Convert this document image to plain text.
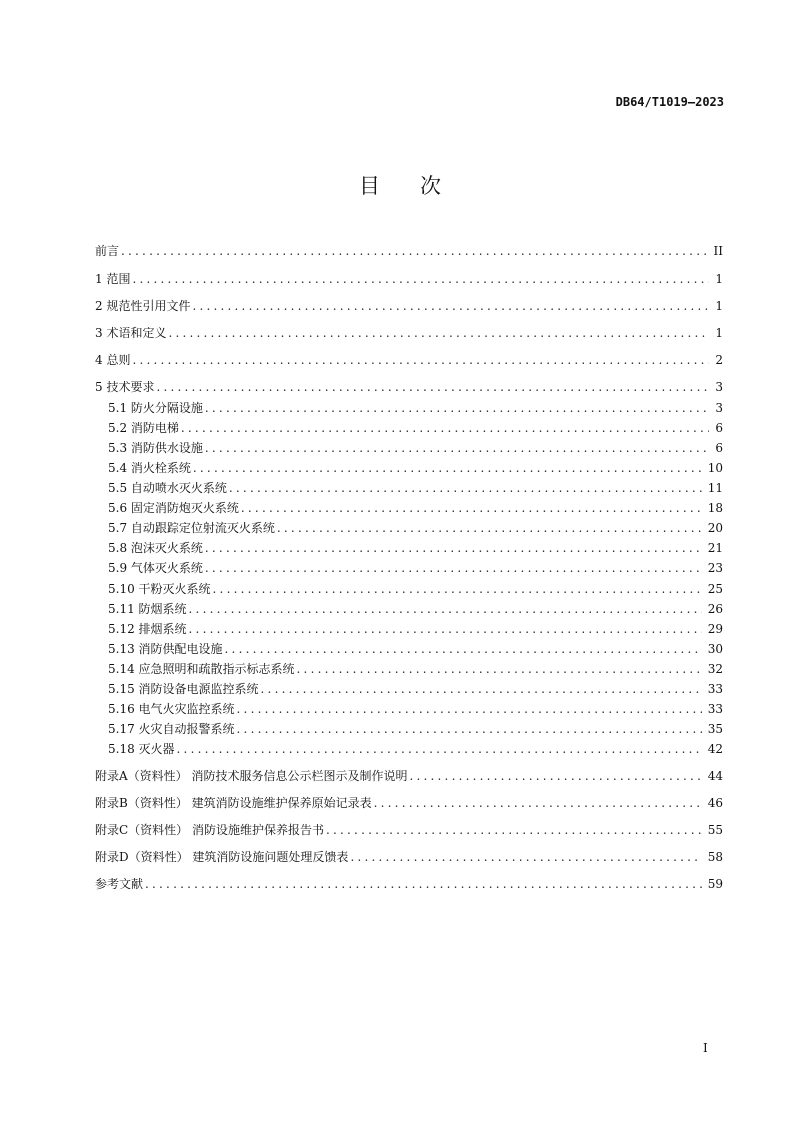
DB64/T1019—2023
目次
前言 .....	II
1 范围 .....	1
2 规范性引用文件 .....	1
3 术语和定义 .....	1
4 总则 .....	2
5 技术要求 .....	3
5.1 防火分隔设施 .....	3
5.2 消防电梯 .....	6
5.3 消防供水设施 .....	6
5.4 消火栓系统 .....	10
5.5 自动喷水灭火系统 .....	11
5.6 固定消防炮灭火系统 .....	18
5.7 自动跟踪定位射流灭火系统 .....	20
5.8 泡沫灭火系统 .....	21
5.9 气体灭火系统 .....	23
5.10 干粉灭火系统 .....	25
5.11 防烟系统 .....	26
5.12 排烟系统 .....	29
5.13 消防供配电设施 .....	30
5.14 应急照明和疏散指示标志系统 .....	32
5.15 消防设备电源监控系统 .....	33
5.16 电气火灾监控系统 .....	33
5.17 火灾自动报警系统 .....	35
5.18 灭火器 .....	42
附录A（资料性） 消防技术服务信息公示栏图示及制作说明 .....	44
附录B（资料性） 建筑消防设施维护保养原始记录表 .....	46
附录C（资料性） 消防设施维护保养报告书 .....	55
附录D（资料性） 建筑消防设施问题处理反馈表 .....	58
参考文献 .....	59
I
